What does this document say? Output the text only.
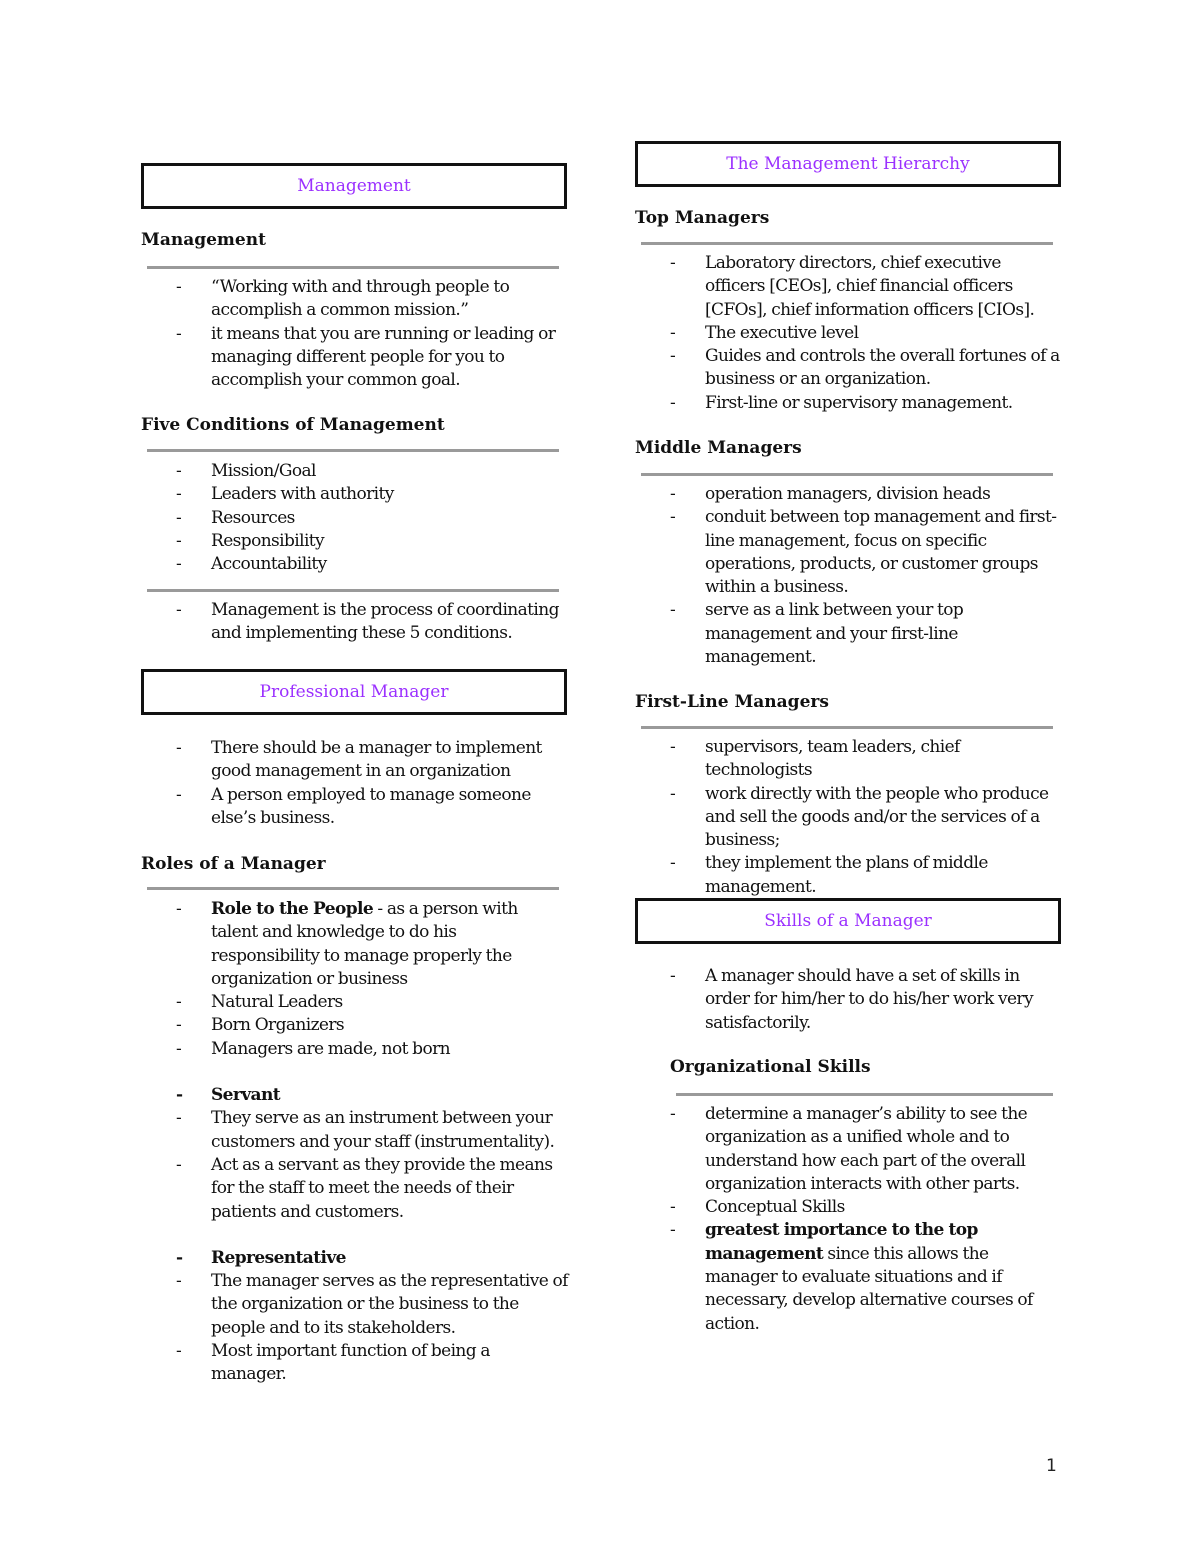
Management
Management
- “Working with and through people to accomplish a common mission.”
- it means that you are running or leading or managing different people for you to accomplish your common goal.
Five Conditions of Management
- Mission/Goal
- Leaders with authority
- Resources
- Responsibility
- Accountability
- Management is the process of coordinating and implementing these 5 conditions.
Professional Manager
- There should be a manager to implement good management in an organization
- A person employed to manage someone else’s business.
Roles of a Manager
- Role to the People - as a person with talent and knowledge to do his responsibility to manage properly the organization or business
- Natural Leaders
- Born Organizers
- Managers are made, not born
- Servant
- They serve as an instrument between your customers and your staff (instrumentality).
- Act as a servant as they provide the means for the staff to meet the needs of their patients and customers.
- Representative
- The manager serves as the representative of the organization or the business to the people and to its stakeholders.
- Most important function of being a manager.
The Management Hierarchy
Top Managers
- Laboratory directors, chief executive officers [CEOs], chief financial officers [CFOs], chief information officers [CIOs].
- The executive level
- Guides and controls the overall fortunes of a business or an organization.
- First-line or supervisory management.
Middle Managers
- operation managers, division heads
- conduit between top management and first-line management, focus on specific operations, products, or customer groups within a business.
- serve as a link between your top management and your first-line management.
First-Line Managers
- supervisors, team leaders, chief technologists
- work directly with the people who produce and sell the goods and/or the services of a business;
- they implement the plans of middle management.
Skills of a Manager
- A manager should have a set of skills in order for him/her to do his/her work very satisfactorily.
Organizational Skills
- determine a manager’s ability to see the organization as a unified whole and to understand how each part of the overall organization interacts with other parts.
- Conceptual Skills
- greatest importance to the top management since this allows the manager to evaluate situations and if necessary, develop alternative courses of action.
1
